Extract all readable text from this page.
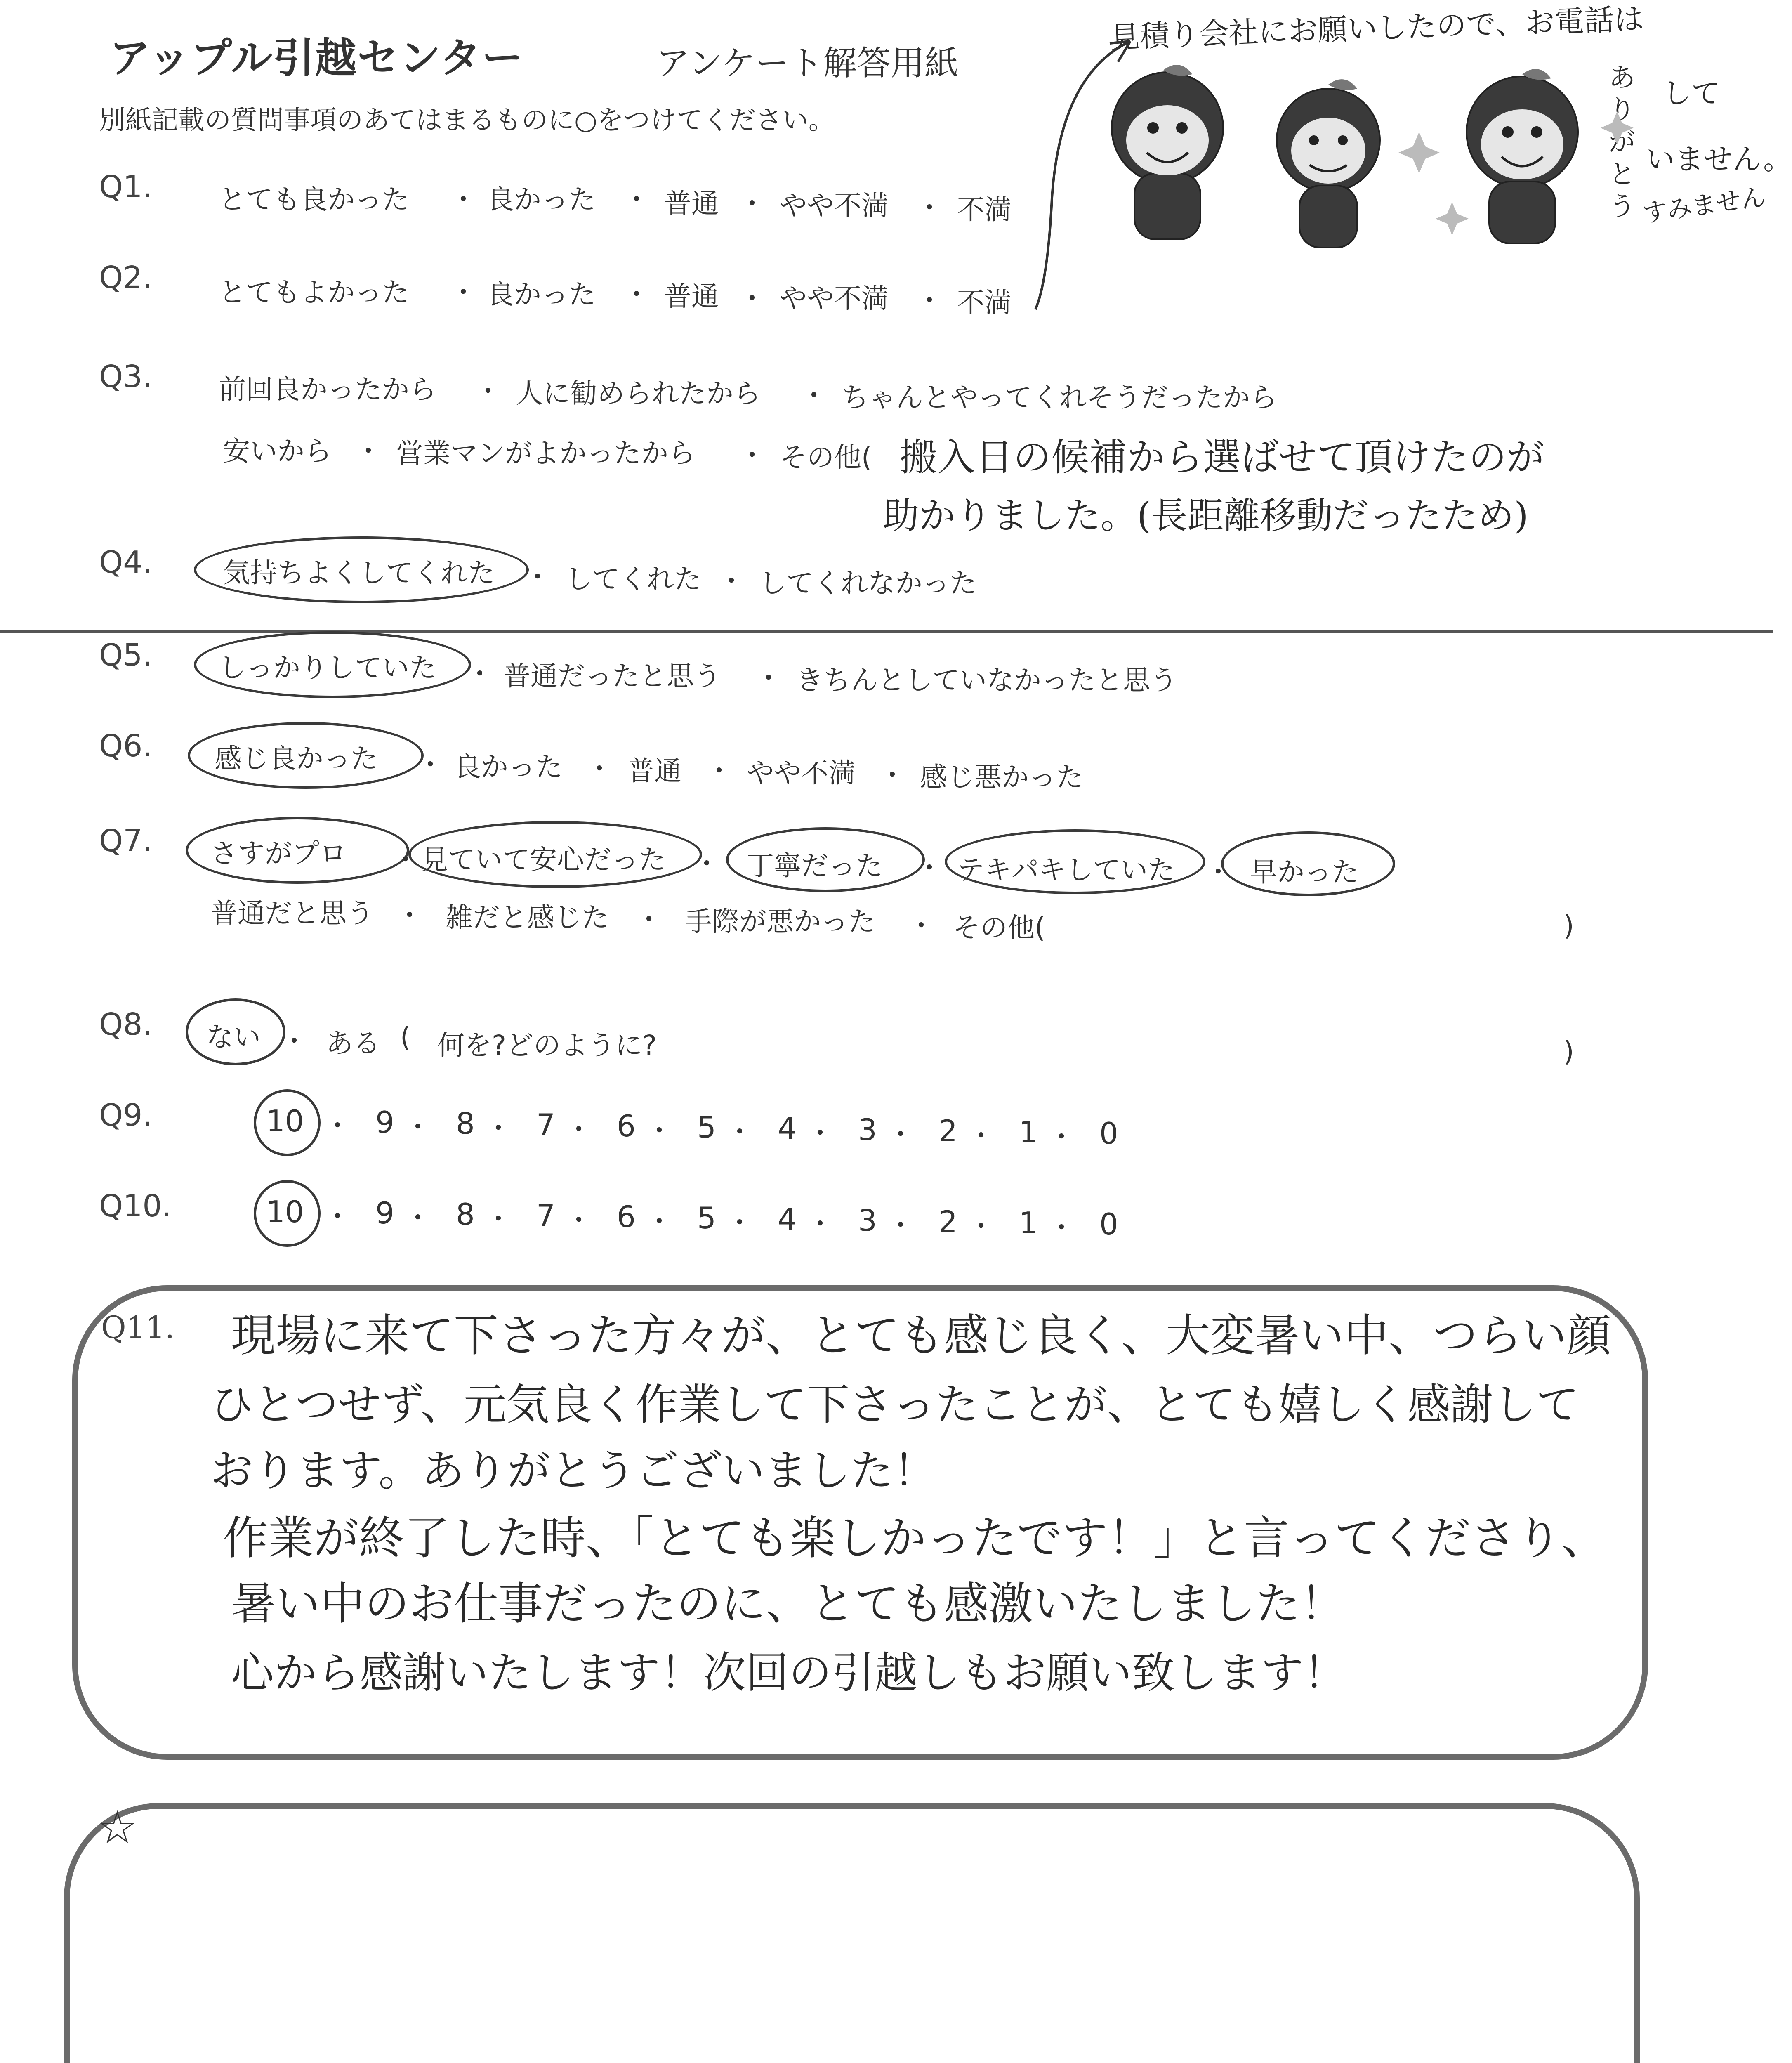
アップル引越センター	アンケート解答用紙
別紙記載の質問事項のあてはまるものに○をつけてください。
見積り会社にお願いしたので、お電話は
ありがとう
して
いません。
すみません
Q1. とても良かった ・ 良かった ・ 普通 ・ やや不満 ・ 不満
Q2. とてもよかった ・ 良かった ・ 普通 ・ やや不満 ・ 不満
Q3. 前回良かったから ・ 人に勧められたから ・ ちゃんとやってくれそうだったから
安いから ・ 営業マンがよかったから ・ その他( 搬入日の候補から選ばせて頂けたのが
助かりました。(長距離移動だったため)
Q4.	気持ちよくしてくれた ・ してくれた ・ してくれなかった
Q5. しっかりしていた ・ 普通だったと思う ・ きちんとしていなかったと思う
Q6. 感じ良かった ・ 良かった ・ 普通 ・ やや不満 ・ 感じ悪かった
Q7. さすがプロ ・ 見ていて安心だった ・ 丁寧だった ・ テキパキしていた ・ 早かった
普通だと思う ・ 雑だと感じた ・ 手際が悪かった ・ その他(	)
Q8. ない ・ ある ( 何を?どのように?	)
Q9.	10 ・ 9 ・ 8 ・ 7 ・ 6 ・ 5 ・ 4 ・ 3 ・ 2 ・ 1 ・ 0
Q10.	10 ・ 9 ・ 8 ・ 7 ・ 6 ・ 5 ・ 4 ・ 3 ・ 2 ・ 1 ・ 0
Q11. 現場に来て下さった方々が、とても感じ良く、大変暑い中、つらい顔
ひとつせず、元気良く作業して下さったことが、とても嬉しく感謝して
おります。ありがとうございました！
作業が終了した時、「とても楽しかったです！」と言ってくださり、
暑い中のお仕事だったのに、とても感激いたしました！
心から感謝いたします！次回の引越しもお願い致します！
☆
